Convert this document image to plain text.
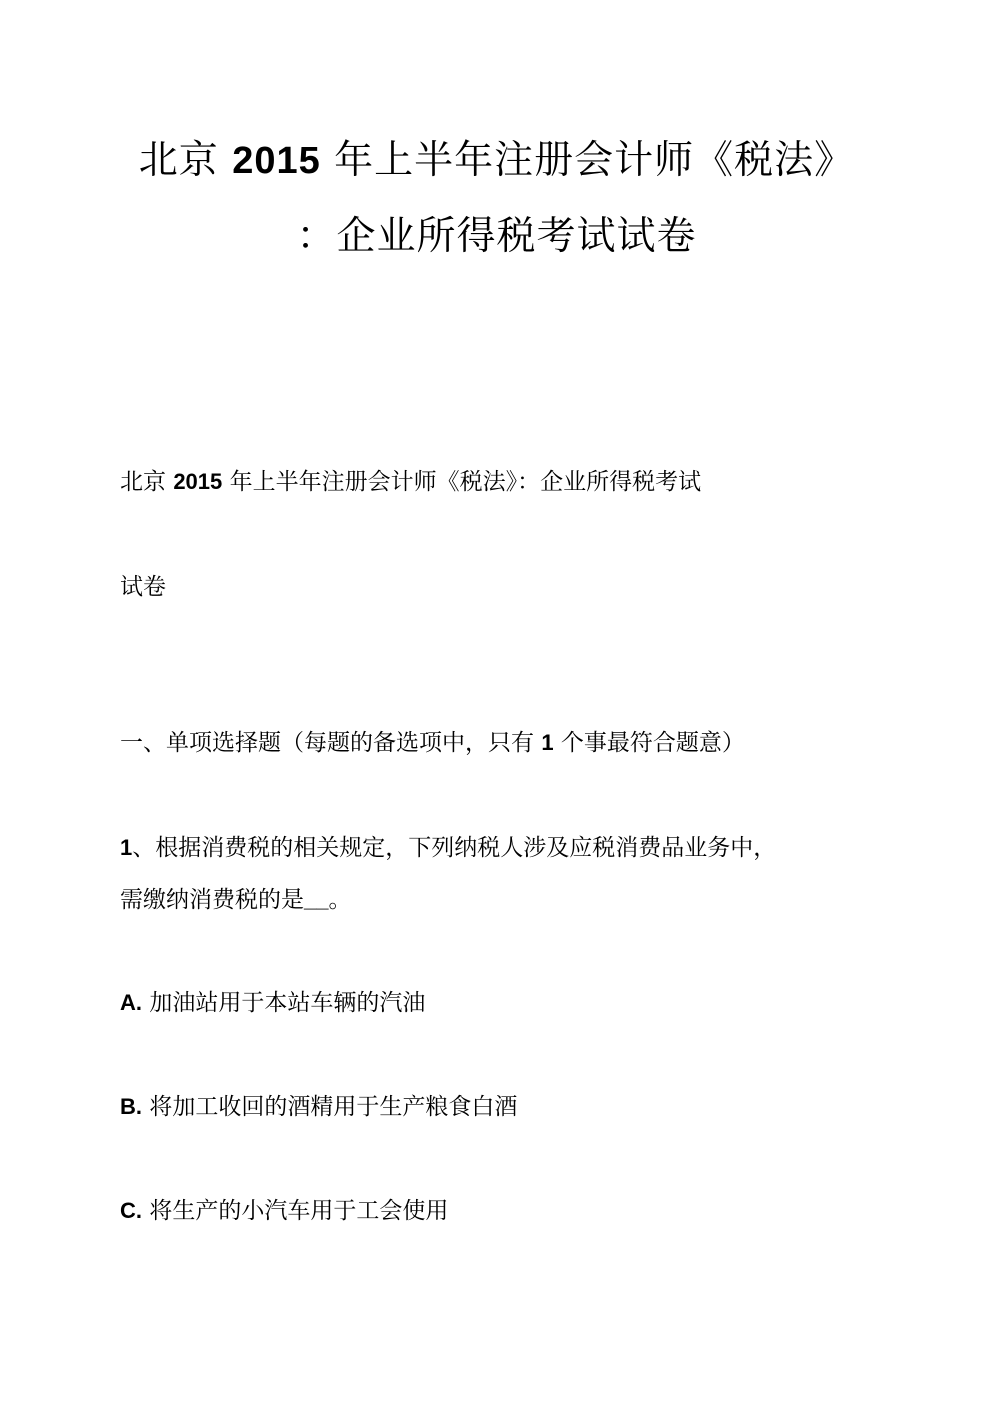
北京 2015 年上半年注册会计师《税法》
：企业所得税考试试卷
北京 2015 年上半年注册会计师《税法》：企业所得税考试
试卷
一、单项选择题（每题的备选项中，只有 1 个事最符合题意）
1、根据消费税的相关规定，下列纳税人涉及应税消费品业务中，
需缴纳消费税的是__。
A. 加油站用于本站车辆的汽油
B. 将加工收回的酒精用于生产粮食白酒
C. 将生产的小汽车用于工会使用
